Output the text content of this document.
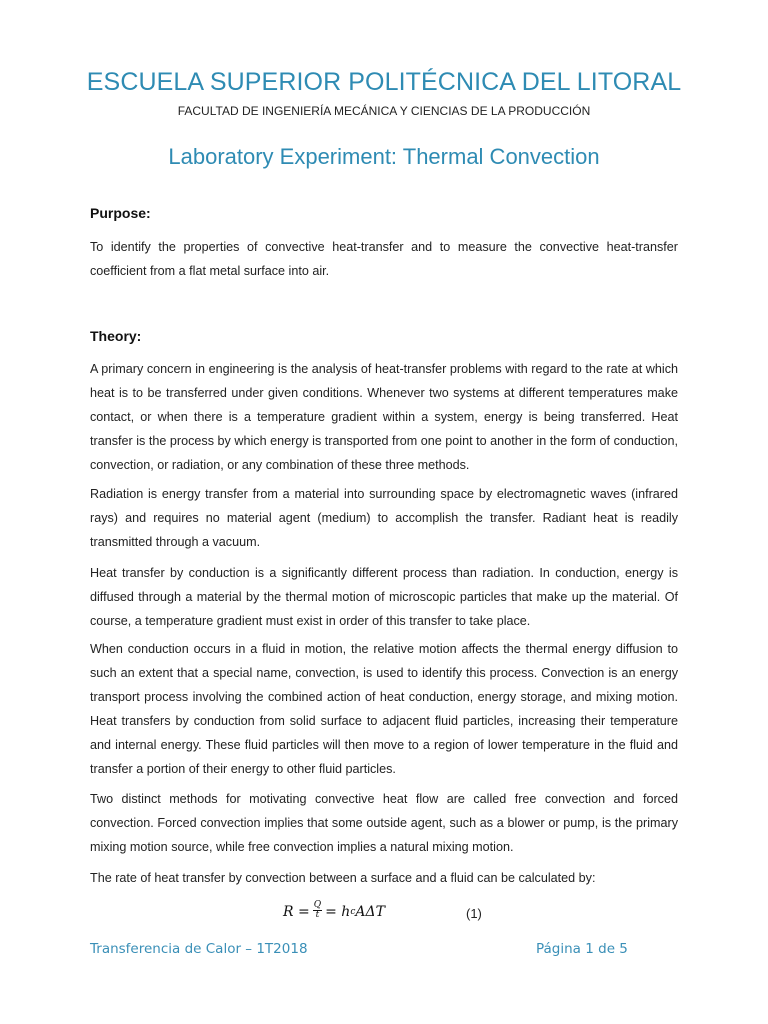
ESCUELA SUPERIOR POLITÉCNICA DEL LITORAL
FACULTAD DE INGENIERÍA MECÁNICA Y CIENCIAS DE LA PRODUCCIÓN
Laboratory Experiment: Thermal Convection
Purpose:

To identify the properties of convective heat-transfer and to measure the convective heat-transfer coefficient from a flat metal surface into air.

Theory:

A primary concern in engineering is the analysis of heat-transfer problems with regard to the rate at which heat is to be transferred under given conditions. Whenever two systems at different temperatures make contact, or when there is a temperature gradient within a system, energy is being transferred. Heat transfer is the process by which energy is transported from one point to another in the form of conduction, convection, or radiation, or any combination of these three methods.

Radiation is energy transfer from a material into surrounding space by electromagnetic waves (infrared rays) and requires no material agent (medium) to accomplish the transfer. Radiant heat is readily transmitted through a vacuum.

Heat transfer by conduction is a significantly different process than radiation. In conduction, energy is diffused through a material by the thermal motion of microscopic particles that make up the material. Of course, a temperature gradient must exist in order of this transfer to take place.

When conduction occurs in a fluid in motion, the relative motion affects the thermal energy diffusion to such an extent that a special name, convection, is used to identify this process. Convection is an energy transport process involving the combined action of heat conduction, energy storage, and mixing motion. Heat transfers by conduction from solid surface to adjacent fluid particles, increasing their temperature and internal energy. These fluid particles will then move to a region of lower temperature in the fluid and transfer a portion of their energy to other fluid particles.

Two distinct methods for motivating convective heat flow are called free convection and forced convection. Forced convection implies that some outside agent, such as a blower or pump, is the primary mixing motion source, while free convection implies a natural mixing motion.

The rate of heat transfer by convection between a surface and a fluid can be calculated by:

$R = \frac{Q}{t} = h$ c AΔT	(1)
Transferencia de Calor – 1T2018	Página 1 de 5
